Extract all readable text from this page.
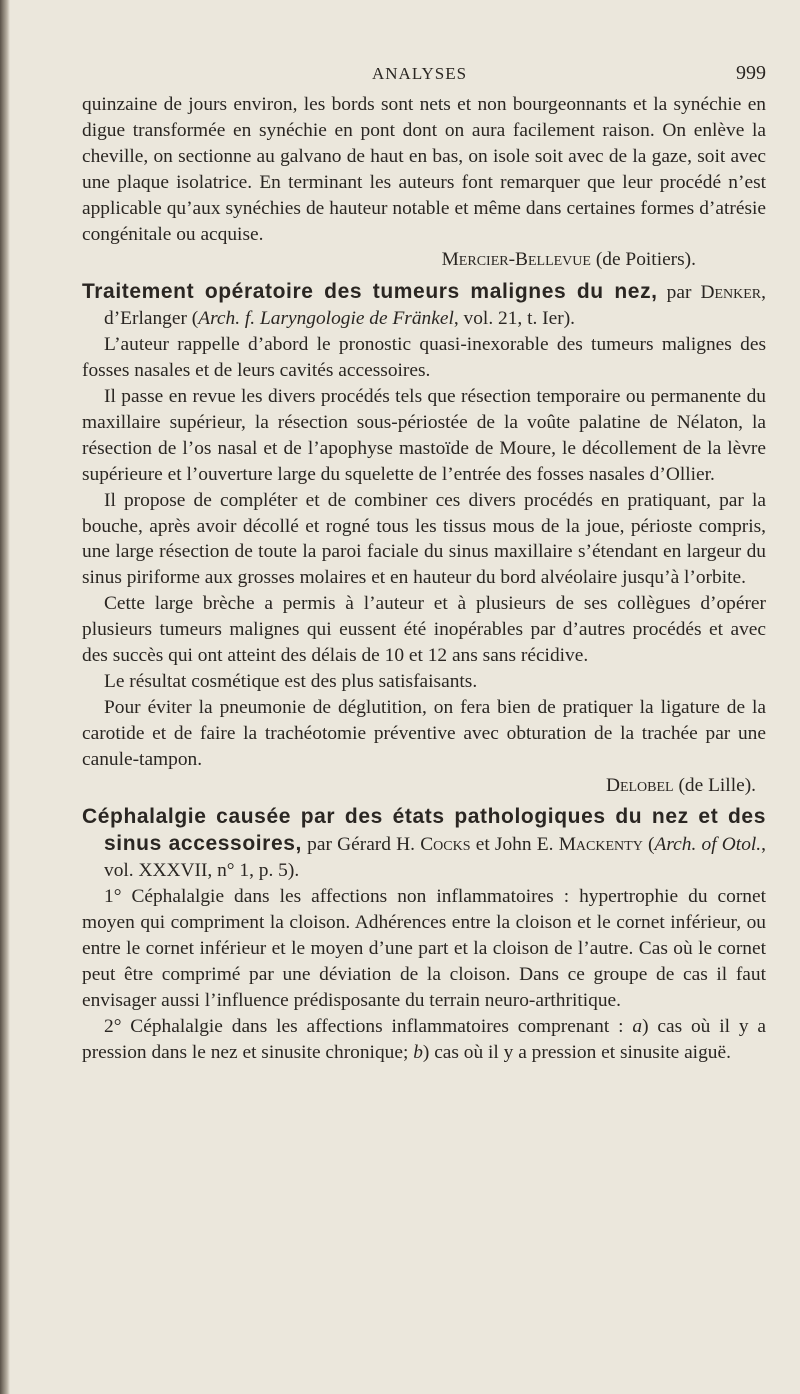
ANALYSES	999

quinzaine de jours environ, les bords sont nets et non bourgeonnants et la synéchie en digue transformée en synéchie en pont dont on aura facilement raison. On enlève la cheville, on sectionne au galvano de haut en bas, on isole soit avec de la gaze, soit avec une plaque isolatrice. En terminant les auteurs font remarquer que leur procédé n’est applicable qu’aux synéchies de hauteur notable et même dans certaines formes d’atrésie congénitale ou acquise.

Mercier-Bellevue (de Poitiers).

Traitement opératoire des tumeurs malignes du nez, par Denker, d’Erlanger (Arch. f. Laryngologie de Fränkel, vol. 21, t. Ier).

L’auteur rappelle d’abord le pronostic quasi-inexorable des tumeurs malignes des fosses nasales et de leurs cavités accessoires.

Il passe en revue les divers procédés tels que résection temporaire ou permanente du maxillaire supérieur, la résection sous-périostée de la voûte palatine de Nélaton, la résection de l’os nasal et de l’apophyse mastoïde de Moure, le décollement de la lèvre supérieure et l’ouverture large du squelette de l’entrée des fosses nasales d’Ollier.

Il propose de compléter et de combiner ces divers procédés en pratiquant, par la bouche, après avoir décollé et rogné tous les tissus mous de la joue, périoste compris, une large résection de toute la paroi faciale du sinus maxillaire s’étendant en largeur du sinus piriforme aux grosses molaires et en hauteur du bord alvéolaire jusqu’à l’orbite.

Cette large brèche a permis à l’auteur et à plusieurs de ses collègues d’opérer plusieurs tumeurs malignes qui eussent été inopérables par d’autres procédés et avec des succès qui ont atteint des délais de 10 et 12 ans sans récidive.

Le résultat cosmétique est des plus satisfaisants.

Pour éviter la pneumonie de déglutition, on fera bien de pratiquer la ligature de la carotide et de faire la trachéotomie préventive avec obturation de la trachée par une canule-tampon.

Delobel (de Lille).

Céphalalgie causée par des états pathologiques du nez et des sinus accessoires, par Gérard H. Cocks et John E. Mackenty (Arch. of Otol., vol. XXXVII, n° 1, p. 5).

1° Céphalalgie dans les affections non inflammatoires : hypertrophie du cornet moyen qui compriment la cloison. Adhérences entre la cloison et le cornet inférieur, ou entre le cornet inférieur et le moyen d’une part et la cloison de l’autre. Cas où le cornet peut être comprimé par une déviation de la cloison. Dans ce groupe de cas il faut envisager aussi l’influence prédisposante du terrain neuro-arthritique.

2° Céphalalgie dans les affections inflammatoires comprenant : a) cas où il y a pression dans le nez et sinusite chronique; b) cas où il y a pression et sinusite aiguë.
